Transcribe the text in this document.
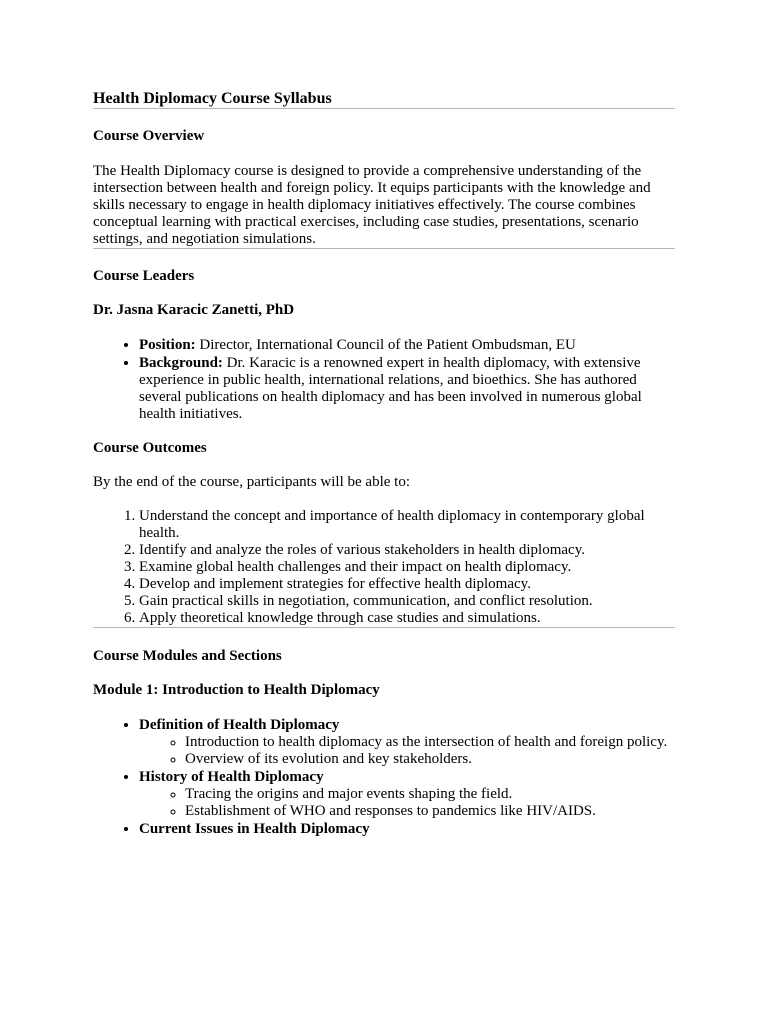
Health Diplomacy Course Syllabus
Course Overview

The Health Diplomacy course is designed to provide a comprehensive understanding of the intersection between health and foreign policy. It equips participants with the knowledge and skills necessary to engage in health diplomacy initiatives effectively. The course combines conceptual learning with practical exercises, including case studies, presentations, scenario settings, and negotiation simulations.

Course Leaders
Dr. Jasna Karacic Zanetti, PhD
• Position: Director, International Council of the Patient Ombudsman, EU
• Background: Dr. Karacic is a renowned expert in health diplomacy, with extensive experience in public health, international relations, and bioethics. She has authored several publications on health diplomacy and has been involved in numerous global health initiatives.
Course Outcomes

By the end of the course, participants will be able to:

1. Understand the concept and importance of health diplomacy in contemporary global health.
2. Identify and analyze the roles of various stakeholders in health diplomacy.
3. Examine global health challenges and their impact on health diplomacy.
4. Develop and implement strategies for effective health diplomacy.
5. Gain practical skills in negotiation, communication, and conflict resolution.
6. Apply theoretical knowledge through case studies and simulations.
Course Modules and Sections
Module 1: Introduction to Health Diplomacy
• Definition of Health Diplomacy
◦ Introduction to health diplomacy as the intersection of health and foreign policy.
◦ Overview of its evolution and key stakeholders.
• History of Health Diplomacy
◦ Tracing the origins and major events shaping the field.
◦ Establishment of WHO and responses to pandemics like HIV/AIDS.
• Current Issues in Health Diplomacy
